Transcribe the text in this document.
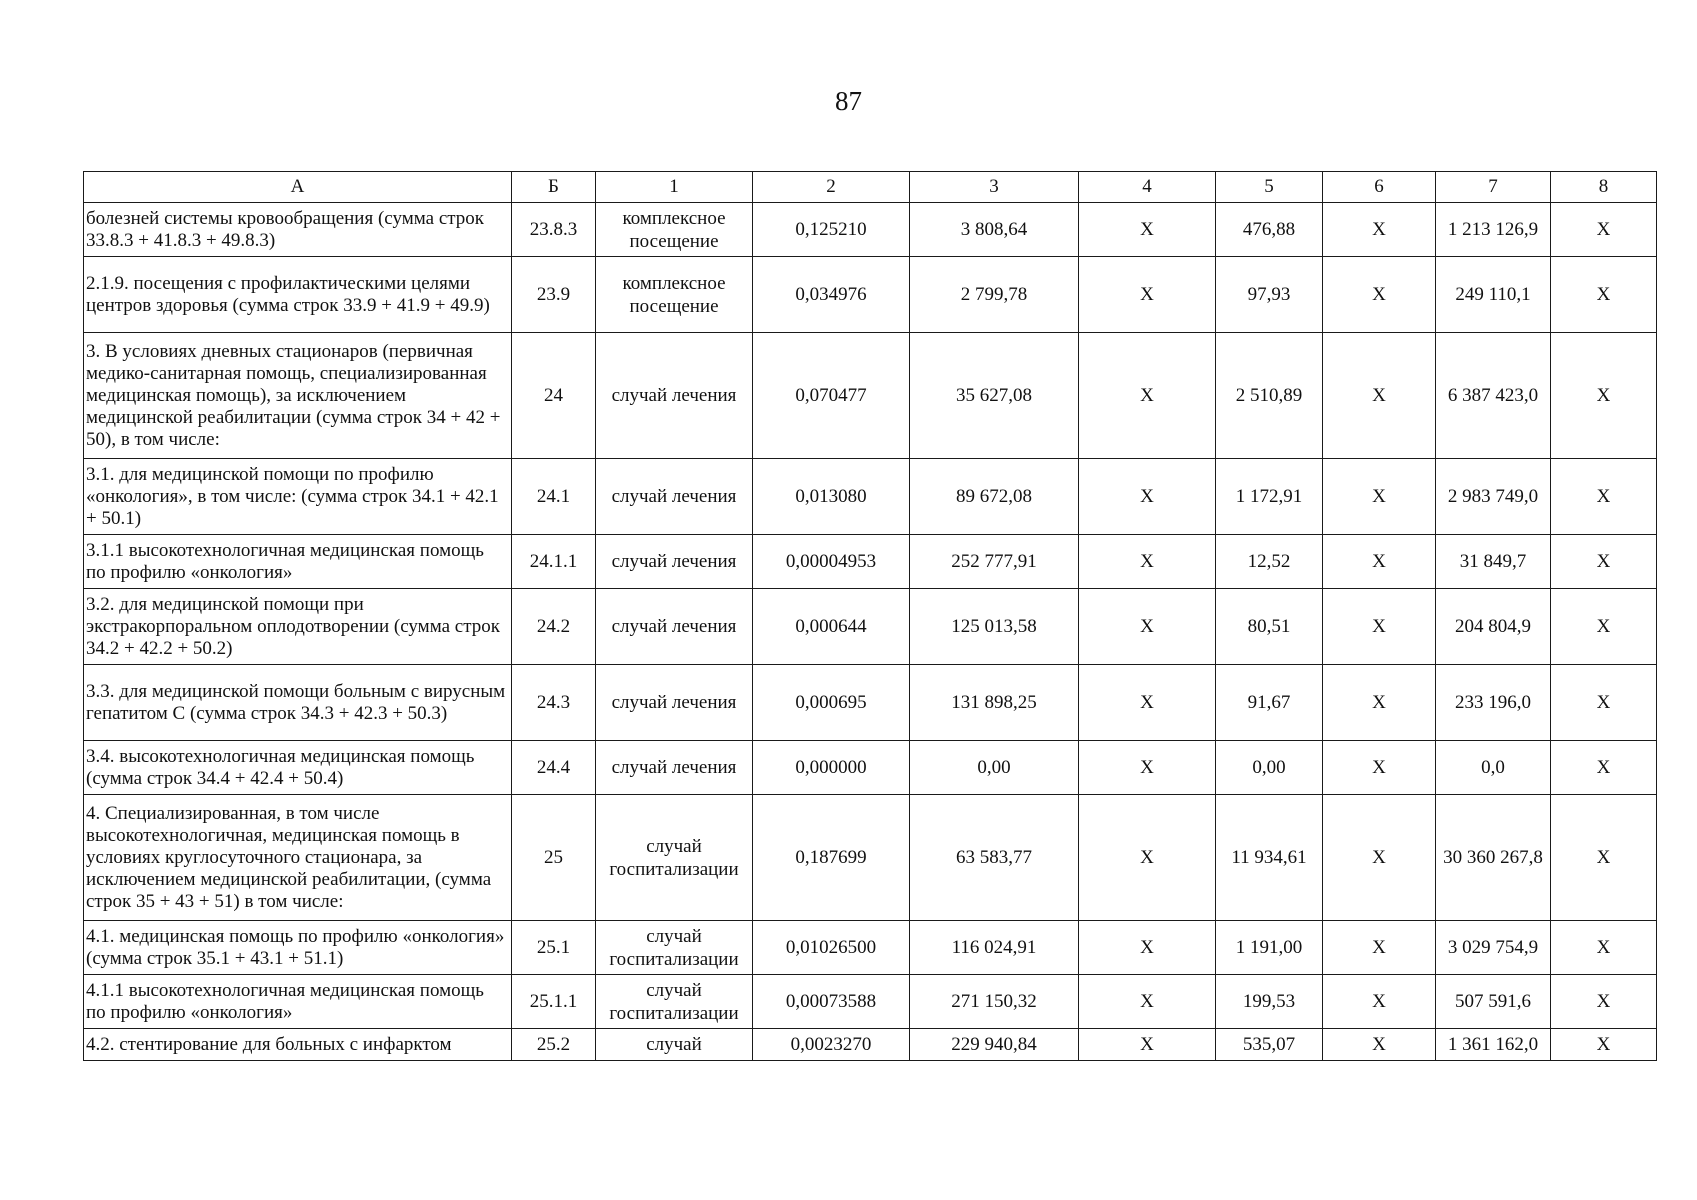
87
А	Б	1	2	3	4	5	6	7	8
болезней системы кровообращения (сумма строк 33.8.3 + 41.8.3 + 49.8.3)	23.8.3	комплексное посещение	0,125210	3 808,64	Х	476,88	Х	1 213 126,9	Х
2.1.9. посещения с профилактическими целями центров здоровья (сумма строк 33.9 + 41.9 + 49.9)	23.9	комплексное посещение	0,034976	2 799,78	Х	97,93	Х	249 110,1	Х
3. В условиях дневных стационаров (первичная медико-санитарная помощь, специализированная медицинская помощь), за исключением медицинской реабилитации (сумма строк 34 + 42 + 50), в том числе:	24	случай лечения	0,070477	35 627,08	Х	2 510,89	Х	6 387 423,0	Х
3.1. для медицинской помощи по профилю «онкология», в том числе: (сумма строк 34.1 + 42.1 + 50.1)	24.1	случай лечения	0,013080	89 672,08	Х	1 172,91	Х	2 983 749,0	Х
3.1.1 высокотехнологичная медицинская помощь по профилю «онкология»	24.1.1	случай лечения	0,00004953	252 777,91	Х	12,52	Х	31 849,7	Х
3.2. для медицинской помощи при экстракорпоральном оплодотворении (сумма строк 34.2 + 42.2 + 50.2)	24.2	случай лечения	0,000644	125 013,58	Х	80,51	Х	204 804,9	Х
3.3. для медицинской помощи больным с вирусным гепатитом С (сумма строк 34.3 + 42.3 + 50.3)	24.3	случай лечения	0,000695	131 898,25	Х	91,67	Х	233 196,0	Х
3.4. высокотехнологичная медицинская помощь (сумма строк 34.4 + 42.4 + 50.4)	24.4	случай лечения	0,000000	0,00	Х	0,00	Х	0,0	Х
4. Специализированная, в том числе высокотехнологичная, медицинская помощь в условиях круглосуточного стационара, за исключением медицинской реабилитации, (сумма строк 35 + 43 + 51) в том числе:	25	случай госпитализации	0,187699	63 583,77	Х	11 934,61	Х	30 360 267,8	Х
4.1. медицинская помощь по профилю «онкология» (сумма строк 35.1 + 43.1 + 51.1)	25.1	случай госпитализации	0,01026500	116 024,91	Х	1 191,00	Х	3 029 754,9	Х
4.1.1 высокотехнологичная медицинская помощь по профилю «онкология»	25.1.1	случай госпитализации	0,00073588	271 150,32	Х	199,53	Х	507 591,6	Х
4.2. стентирование для больных с инфарктом	25.2	случай	0,0023270	229 940,84	Х	535,07	Х	1 361 162,0	Х
